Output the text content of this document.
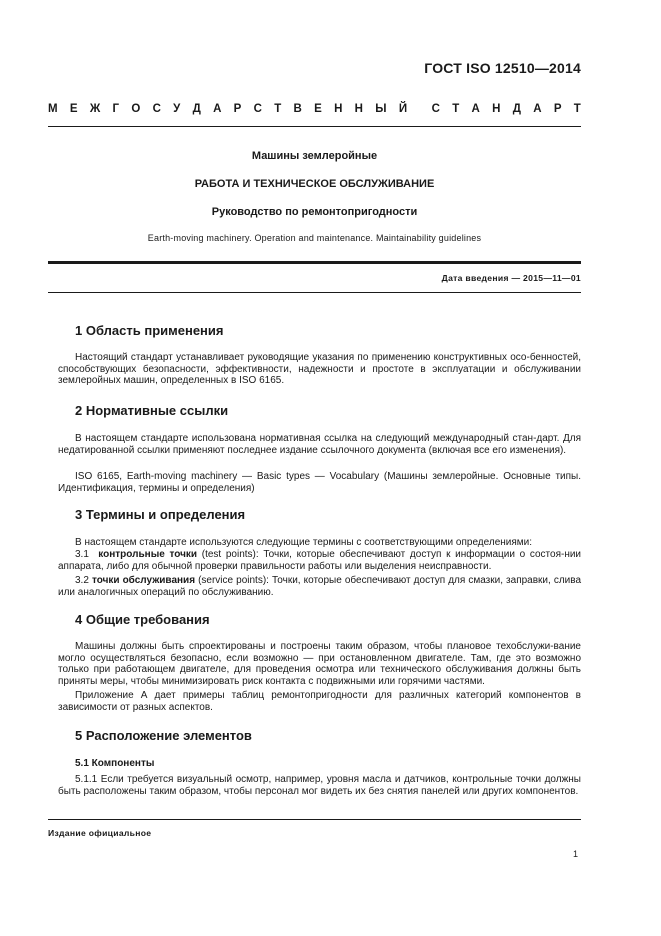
ГОСТ ISO 12510—2014
М Е Ж Г О С У Д А Р С Т В Е Н Н Ы Й С Т А Н Д А Р Т
Машины землеройные
РАБОТА И ТЕХНИЧЕСКОЕ ОБСЛУЖИВАНИЕ
Руководство по ремонтопригодности
Earth-moving machinery. Operation and maintenance. Maintainability guidelines
Дата введения — 2015—11—01
1 Область применения
Настоящий стандарт устанавливает руководящие указания по применению конструктивных осо-бенностей, способствующих безопасности, эффективности, надежности и простоте в эксплуатации и обслуживании землеройных машин, определенных в ISO 6165.
2 Нормативные ссылки
В настоящем стандарте использована нормативная ссылка на следующий международный стан-дарт. Для недатированной ссылки применяют последнее издание ссылочного документа (включая все его изменения).
ISO 6165, Earth-moving machinery — Basic types — Vocabulary (Машины землеройные. Основные типы. Идентификация, термины и определения)
3 Термины и определения
В настоящем стандарте используются следующие термины с соответствующими определениями:
3.1 контрольные точки (test points): Точки, которые обеспечивают доступ к информации о состоя-нии аппарата, либо для обычной проверки правильности работы или выделения неисправности.
3.2 точки обслуживания (service points): Точки, которые обеспечивают доступ для смазки, заправки, слива или аналогичных операций по обслуживанию.
4 Общие требования
Машины должны быть спроектированы и построены таким образом, чтобы плановое техобслужи-вание могло осуществляться безопасно, если возможно — при остановленном двигателе. Там, где это возможно только при работающем двигателе, для проведения осмотра или технического обслуживания должны быть приняты меры, чтобы минимизировать риск контакта с подвижными или горячими частями.
Приложение А дает примеры таблиц ремонтопригодности для различных категорий компонентов в зависимости от разных аспектов.
5 Расположение элементов
5.1 Компоненты
5.1.1 Если требуется визуальный осмотр, например, уровня масла и датчиков, контрольные точки должны быть расположены таким образом, чтобы персонал мог видеть их без снятия панелей или других компонентов.
Издание официальное
1
